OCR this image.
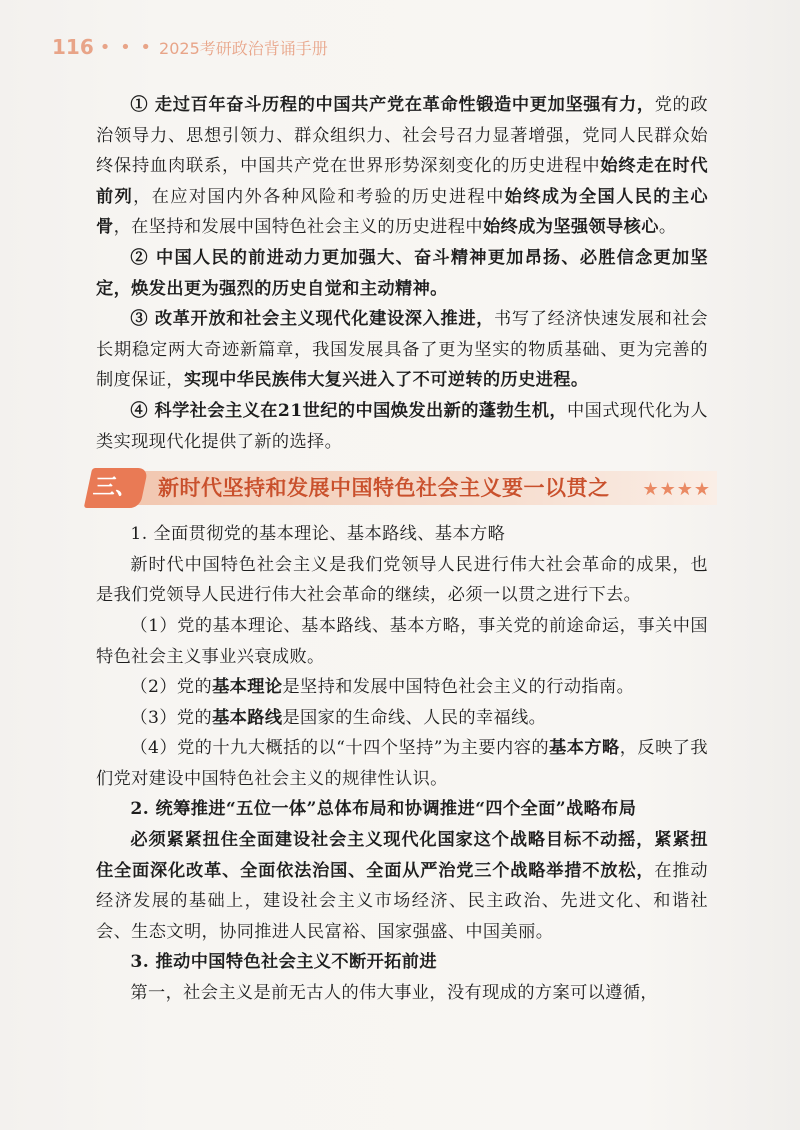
116 • • • 2025考研政治背诵手册

① 走过百年奋斗历程的中国共产党在革命性锻造中更加坚强有力，党的政治领导力、思想引领力、群众组织力、社会号召力显著增强，党同人民群众始终保持血肉联系，中国共产党在世界形势深刻变化的历史进程中始终走在时代前列，在应对国内外各种风险和考验的历史进程中始终成为全国人民的主心骨，在坚持和发展中国特色社会主义的历史进程中始终成为坚强领导核心。

② 中国人民的前进动力更加强大、奋斗精神更加昂扬、必胜信念更加坚定，焕发出更为强烈的历史自觉和主动精神。

③ 改革开放和社会主义现代化建设深入推进，书写了经济快速发展和社会长期稳定两大奇迹新篇章，我国发展具备了更为坚实的物质基础、更为完善的制度保证，实现中华民族伟大复兴进入了不可逆转的历史进程。

④ 科学社会主义在21世纪的中国焕发出新的蓬勃生机，中国式现代化为人类实现现代化提供了新的选择。

三、 新时代坚持和发展中国特色社会主义要一以贯之 ★★★★

1. 全面贯彻党的基本理论、基本路线、基本方略

新时代中国特色社会主义是我们党领导人民进行伟大社会革命的成果，也是我们党领导人民进行伟大社会革命的继续，必须一以贯之进行下去。

（1）党的基本理论、基本路线、基本方略，事关党的前途命运，事关中国特色社会主义事业兴衰成败。

（2）党的基本理论是坚持和发展中国特色社会主义的行动指南。

（3）党的基本路线是国家的生命线、人民的幸福线。

（4）党的十九大概括的以“十四个坚持”为主要内容的基本方略，反映了我们党对建设中国特色社会主义的规律性认识。

2. 统筹推进“五位一体”总体布局和协调推进“四个全面”战略布局

必须紧紧扭住全面建设社会主义现代化国家这个战略目标不动摇，紧紧扭住全面深化改革、全面依法治国、全面从严治党三个战略举措不放松，在推动经济发展的基础上，建设社会主义市场经济、民主政治、先进文化、和谐社会、生态文明，协同推进人民富裕、国家强盛、中国美丽。

3. 推动中国特色社会主义不断开拓前进

第一，社会主义是前无古人的伟大事业，没有现成的方案可以遵循，
